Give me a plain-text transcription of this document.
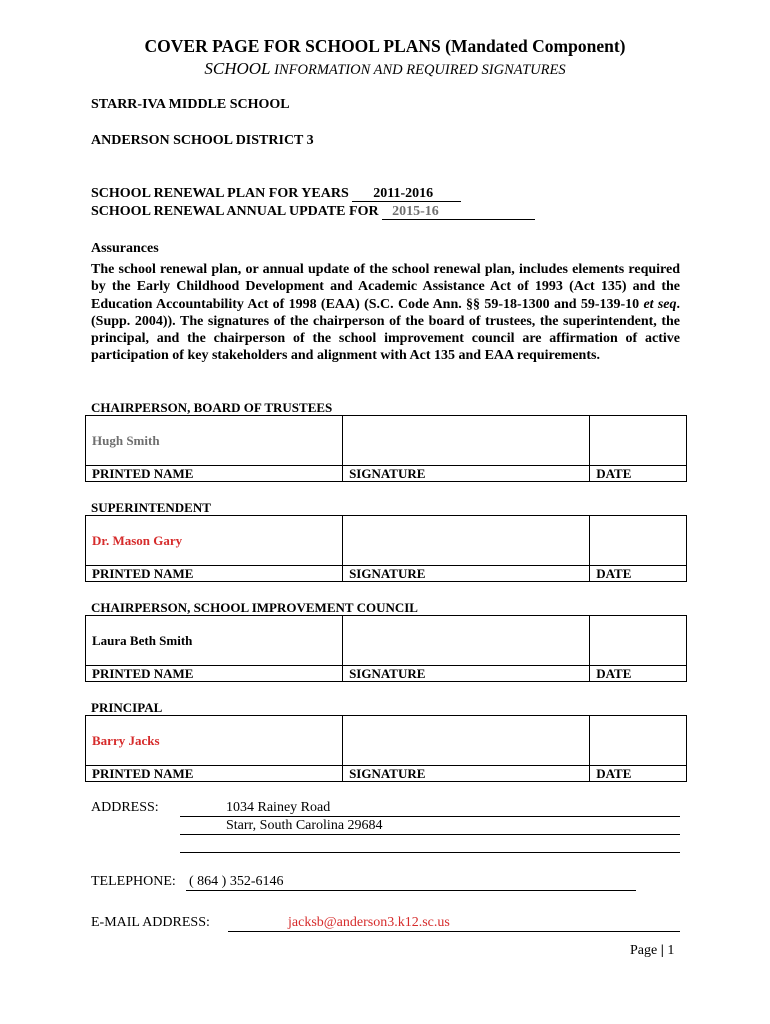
COVER PAGE FOR SCHOOL PLANS (Mandated Component)
SCHOOL INFORMATION AND REQUIRED SIGNATURES
STARR-IVA MIDDLE SCHOOL
ANDERSON SCHOOL DISTRICT 3
SCHOOL RENEWAL PLAN FOR YEARS 2011-2016
SCHOOL RENEWAL ANNUAL UPDATE FOR 2015-16
Assurances

The school renewal plan, or annual update of the school renewal plan, includes elements required by the Early Childhood Development and Academic Assistance Act of 1993 (Act 135) and the Education Accountability Act of 1998 (EAA) (S.C. Code Ann. §§ 59-18-1300 and 59-139-10 et seq. (Supp. 2004)). The signatures of the chairperson of the board of trustees, the superintendent, the principal, and the chairperson of the school improvement council are affirmation of active participation of key stakeholders and alignment with Act 135 and EAA requirements.

CHAIRPERSON, BOARD OF TRUSTEES
Hugh Smith		
PRINTED NAME	SIGNATURE	DATE
SUPERINTENDENT
Dr. Mason Gary		
PRINTED NAME	SIGNATURE	DATE
CHAIRPERSON, SCHOOL IMPROVEMENT COUNCIL
Laura Beth Smith		
PRINTED NAME	SIGNATURE	DATE
PRINCIPAL
Barry Jacks		
PRINTED NAME	SIGNATURE	DATE
ADDRESS:	1034 Rainey Road
Starr, South Carolina 29684
TELEPHONE: ( 864 ) 352-6146
E-MAIL ADDRESS:	jacksb@anderson3.k12.sc.us
Page | 1
